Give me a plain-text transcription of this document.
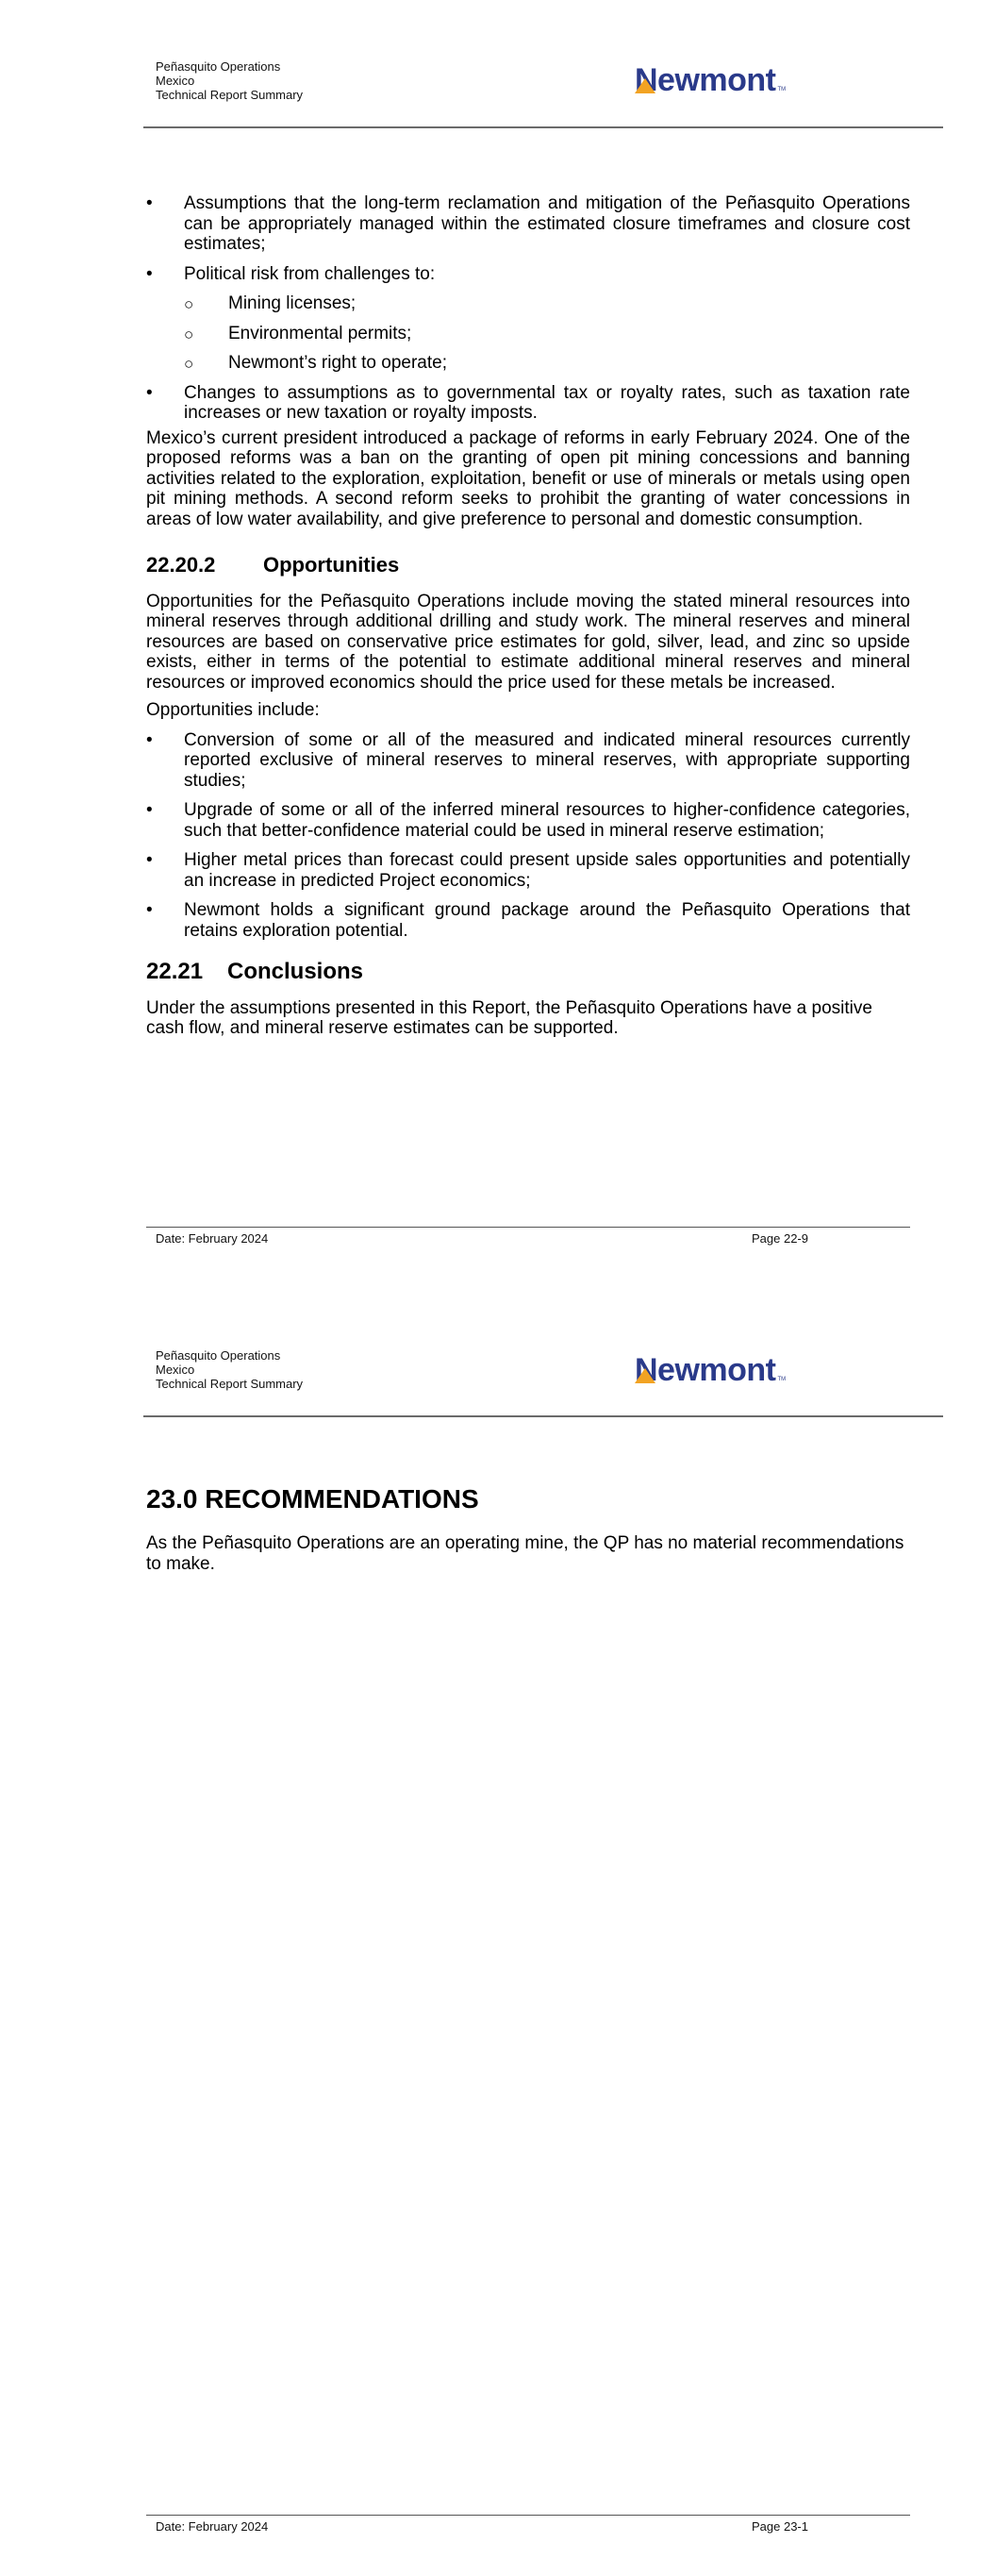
Peñasquito Operations
Mexico
Technical Report Summary	Newmont TM
• Assumptions that the long-term reclamation and mitigation of the Peñasquito Operations can be appropriately managed within the estimated closure timeframes and closure cost estimates;
• Political risk from challenges to:
○ Mining licenses;
○ Environmental permits;
○ Newmont’s right to operate;
• Changes to assumptions as to governmental tax or royalty rates, such as taxation rate increases or new taxation or royalty imposts.

Mexico’s current president introduced a package of reforms in early February 2024. One of the proposed reforms was a ban on the granting of open pit mining concessions and banning activities related to the exploration, exploitation, benefit or use of minerals or metals using open pit mining methods. A second reform seeks to prohibit the granting of water concessions in areas of low water availability, and give preference to personal and domestic consumption.

22.20.2	Opportunities

Opportunities for the Peñasquito Operations include moving the stated mineral resources into mineral reserves through additional drilling and study work. The mineral reserves and mineral resources are based on conservative price estimates for gold, silver, lead, and zinc so upside exists, either in terms of the potential to estimate additional mineral reserves and mineral resources or improved economics should the price used for these metals be increased.

Opportunities include:

• Conversion of some or all of the measured and indicated mineral resources currently reported exclusive of mineral reserves to mineral reserves, with appropriate supporting studies;
• Upgrade of some or all of the inferred mineral resources to higher-confidence categories, such that better-confidence material could be used in mineral reserve estimation;
• Higher metal prices than forecast could present upside sales opportunities and potentially an increase in predicted Project economics;
• Newmont holds a significant ground package around the Peñasquito Operations that retains exploration potential.
22.21	Conclusions

Under the assumptions presented in this Report, the Peñasquito Operations have a positive cash flow, and mineral reserve estimates can be supported.

Date: February 2024	Page 22-9
Peñasquito Operations
Mexico
Technical Report Summary	Newmont TM
23.0 RECOMMENDATIONS

As the Peñasquito Operations are an operating mine, the QP has no material recommendations to make.

Date: February 2024	Page 23-1
